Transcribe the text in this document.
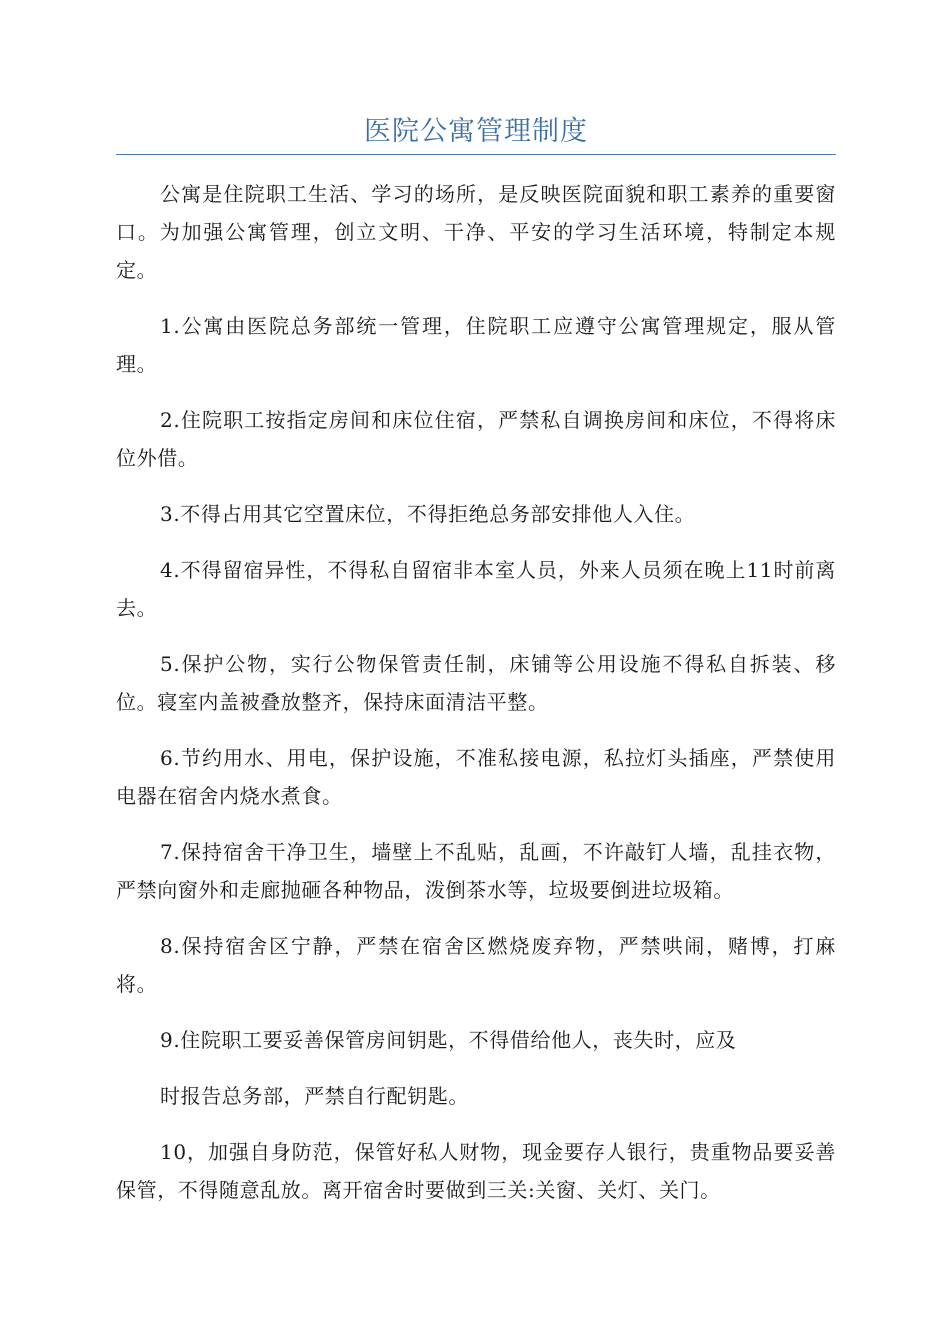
医院公寓管理制度

公寓是住院职工生活、学习的场所，是反映医院面貌和职工素养的重要窗口。为加强公寓管理，创立文明、干净、平安的学习生活环境，特制定本规定。

1.公寓由医院总务部统一管理，住院职工应遵守公寓管理规定，服从管理。

2.住院职工按指定房间和床位住宿，严禁私自调换房间和床位，不得将床位外借。

3.不得占用其它空置床位，不得拒绝总务部安排他人入住。

4.不得留宿异性，不得私自留宿非本室人员，外来人员须在晚上11时前离去。

5.保护公物，实行公物保管责任制，床铺等公用设施不得私自拆装、移位。寝室内盖被叠放整齐，保持床面清洁平整。

6.节约用水、用电，保护设施，不准私接电源，私拉灯头插座，严禁使用电器在宿舍内烧水煮食。

7.保持宿舍干净卫生，墙壁上不乱贴，乱画，不许敲钉人墙，乱挂衣物，严禁向窗外和走廊抛砸各种物品，泼倒茶水等，垃圾要倒进垃圾箱。

8.保持宿舍区宁静，严禁在宿舍区燃烧废弃物，严禁哄闹，赌博，打麻将。

9.住院职工要妥善保管房间钥匙，不得借给他人，丧失时，应及

时报告总务部，严禁自行配钥匙。

10，加强自身防范，保管好私人财物，现金要存人银行，贵重物品要妥善保管，不得随意乱放。离开宿舍时要做到三关:关窗、关灯、关门。
